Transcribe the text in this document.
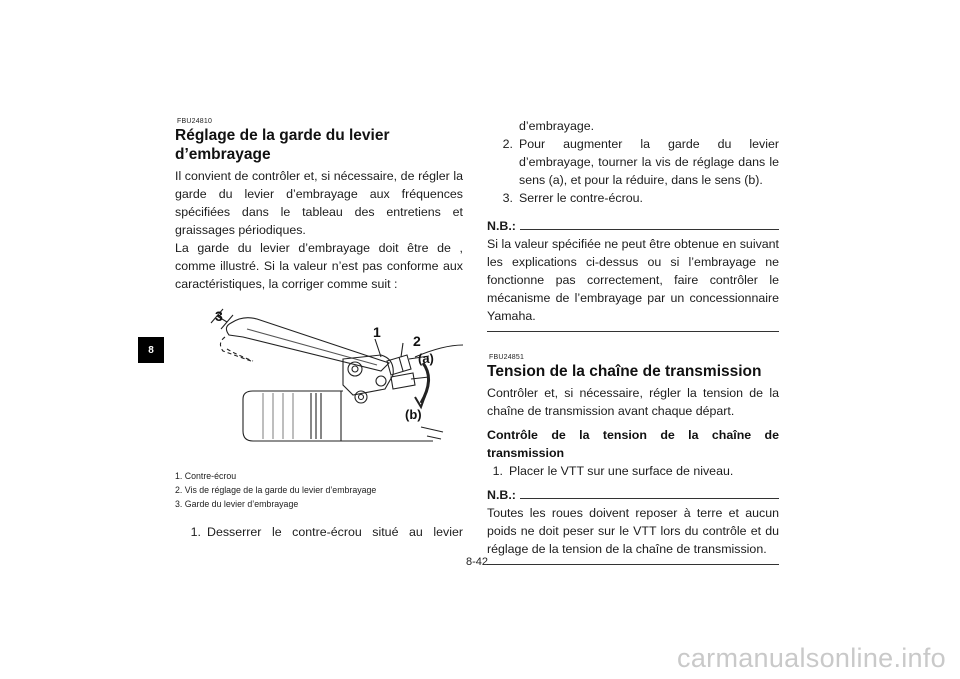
8
FBU24810
Réglage de la garde du levier
d’embrayage

Il convient de contrôler et, si nécessaire, de régler la garde du levier d’embrayage aux fréquences spécifiées dans le tableau des entretiens et graissages périodiques.

La garde du levier d’embrayage doit être de , comme illustré. Si la valeur n’est pas conforme aux caractéristiques, la corriger comme suit :

3
1
2
(a)
(b)
1. Contre-écrou
2. Vis de réglage de la garde du levier d’embrayage
3. Garde du levier d’embrayage
1. Desserrer le contre-écrou situé au levier
d’embrayage.
2. Pour augmenter la garde du levier d’embrayage, tourner la vis de réglage dans le sens (a), et pour la réduire, dans le sens (b).
3. Serrer le contre-écrou.
N.B.:

Si la valeur spécifiée ne peut être obtenue en suivant les explications ci-dessus ou si l’embrayage ne fonctionne pas correctement, faire contrôler le mécanisme de l’embrayage par un concessionnaire Yamaha.

FBU24851
Tension de la chaîne de transmission

Contrôler et, si nécessaire, régler la tension de la chaîne de transmission avant chaque départ.

Contrôle de la tension de la chaîne de transmission
1. Placer le VTT sur une surface de niveau.
N.B.:

Toutes les roues doivent reposer à terre et aucun poids ne doit peser sur le VTT lors du contrôle et du réglage de la tension de la chaîne de transmission.

8-42
carmanualsonline.info
